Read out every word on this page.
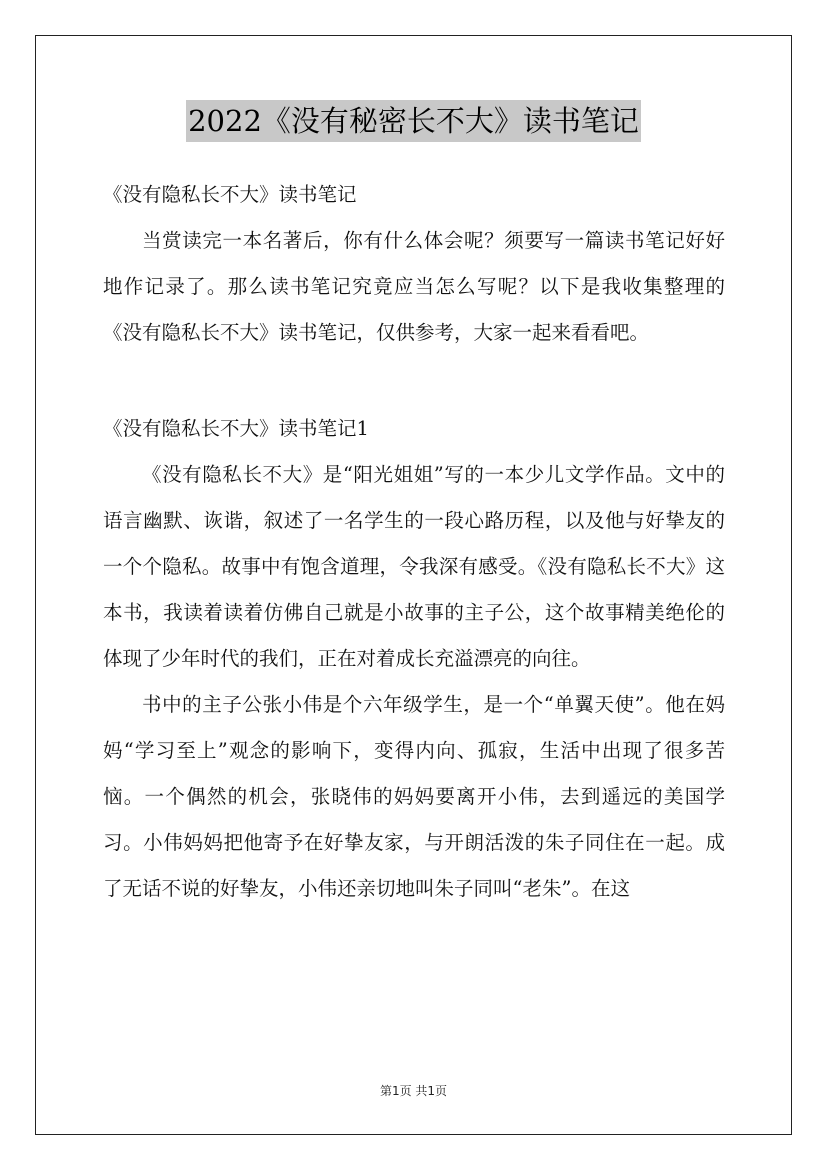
2022《没有秘密长不大》读书笔记

《没有隐私长不大》读书笔记

当赏读完一本名著后，你有什么体会呢？须要写一篇读书笔记好好地作记录了。那么读书笔记究竟应当怎么写呢？以下是我收集整理的《没有隐私长不大》读书笔记，仅供参考，大家一起来看看吧。

《没有隐私长不大》读书笔记1

《没有隐私长不大》是“阳光姐姐”写的一本少儿文学作品。文中的语言幽默、诙谐，叙述了一名学生的一段心路历程，以及他与好挚友的一个个隐私。故事中有饱含道理，令我深有感受。《没有隐私长不大》这本书，我读着读着仿佛自己就是小故事的主子公，这个故事精美绝伦的体现了少年时代的我们，正在对着成长充溢漂亮的向往。

书中的主子公张小伟是个六年级学生，是一个“单翼天使”。他在妈妈“学习至上”观念的影响下，变得内向、孤寂，生活中出现了很多苦恼。一个偶然的机会，张晓伟的妈妈要离开小伟，去到遥远的美国学习。小伟妈妈把他寄予在好挚友家，与开朗活泼的朱子同住在一起。成了无话不说的好挚友，小伟还亲切地叫朱子同叫“老朱”。在这

第1页 共1页
